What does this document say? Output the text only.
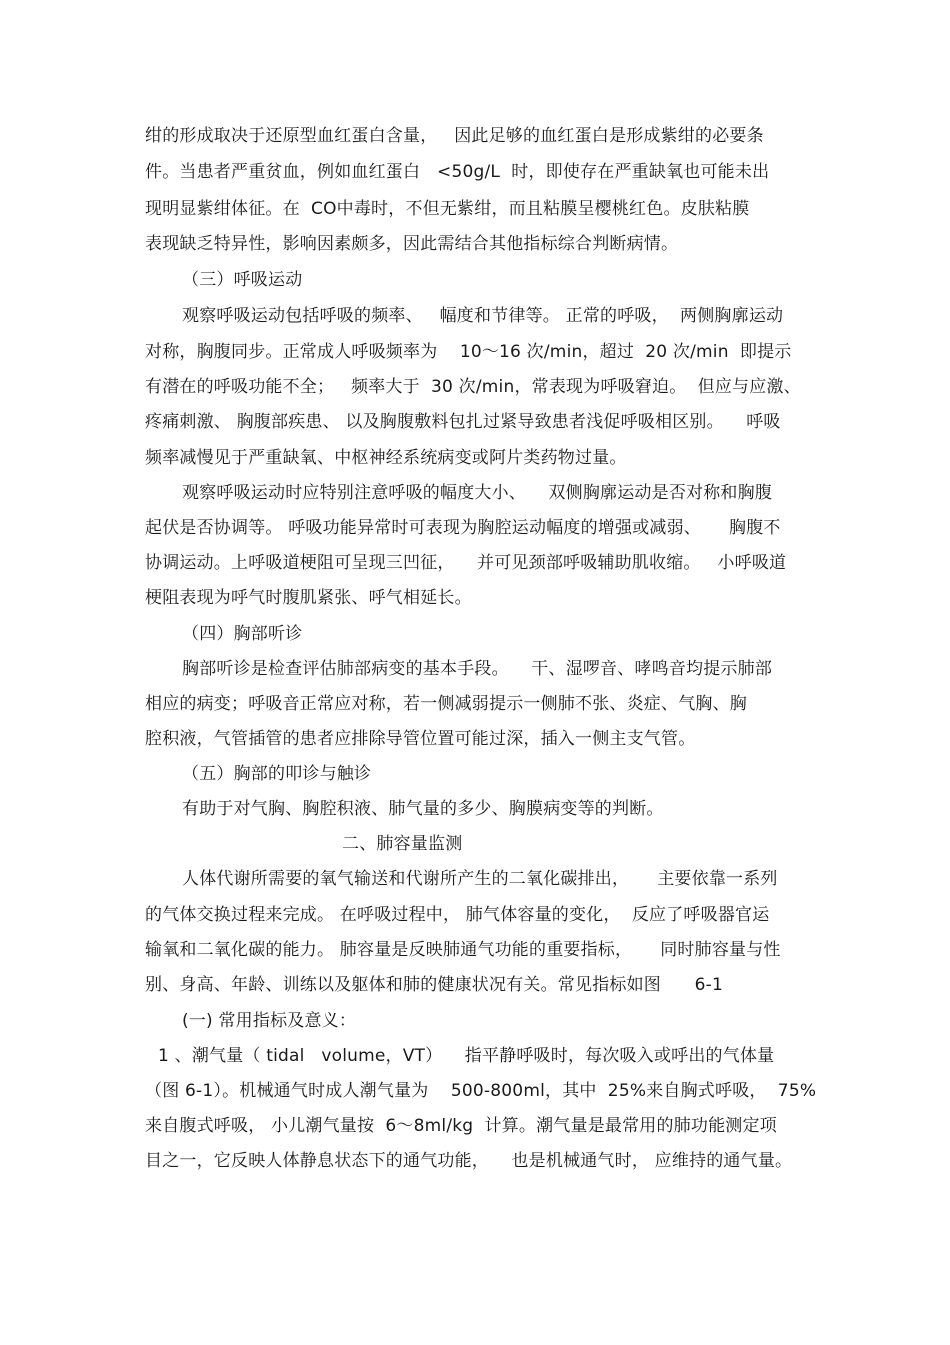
绀的形成取决于还原型血红蛋白含量，   因此足够的血红蛋白是形成紫绀的必要条
件。当患者严重贫血，例如血红蛋白   <50g/L  时，即使存在严重缺氧也可能未出
现明显紫绀体征。在  CO中毒时，不但无紫绀，而且粘膜呈樱桃红色。皮肤粘膜
表现缺乏特异性，影响因素颇多，因此需结合其他指标综合判断病情。
（三）呼吸运动
观察呼吸运动包括呼吸的频率、   幅度和节律等。 正常的呼吸，  两侧胸廓运动
对称，胸腹同步。正常成人呼吸频率为    10～16 次/min，超过  20 次/min  即提示
有潜在的呼吸功能不全；   频率大于  30 次/min，常表现为呼吸窘迫。  但应与应激、
疼痛刺激、 胸腹部疾患、 以及胸腹敷料包扎过紧导致患者浅促呼吸相区别。    呼吸
频率减慢见于严重缺氧、中枢神经系统病变或阿片类药物过量。
观察呼吸运动时应特别注意呼吸的幅度大小、    双侧胸廓运动是否对称和胸腹
起伏是否协调等。 呼吸功能异常时可表现为胸腔运动幅度的增强或减弱、     胸腹不
协调运动。上呼吸道梗阻可呈现三凹征，    并可见颈部呼吸辅助肌收缩。   小呼吸道
梗阻表现为呼气时腹肌紧张、呼气相延长。
（四）胸部听诊
胸部听诊是检查评估肺部病变的基本手段。    干、湿啰音、哮鸣音均提示肺部
相应的病变；呼吸音正常应对称，若一侧减弱提示一侧肺不张、炎症、气胸、胸
腔积液，气管插管的患者应排除导管位置可能过深，插入一侧主支气管。
（五）胸部的叩诊与触诊
有助于对气胸、胸腔积液、肺气量的多少、胸膜病变等的判断。
二、肺容量监测
人体代谢所需要的氧气输送和代谢所产生的二氧化碳排出，     主要依靠一系列
的气体交换过程来完成。 在呼吸过程中， 肺气体容量的变化，  反应了呼吸器官运
输氧和二氧化碳的能力。 肺容量是反映肺通气功能的重要指标，     同时肺容量与性
别、身高、年龄、训练以及躯体和肺的健康状况有关。常见指标如图      6-1
(一) 常用指标及意义：
1 、潮气量（ tidal   volume，VT）    指平静呼吸时，每次吸入或呼出的气体量
（图 6-1）。机械通气时成人潮气量为    500-800ml，其中  25%来自胸式呼吸，  75%
来自腹式呼吸， 小儿潮气量按  6～8ml/kg  计算。潮气量是最常用的肺功能测定项
目之一，它反映人体静息状态下的通气功能，    也是机械通气时， 应维持的通气量。
